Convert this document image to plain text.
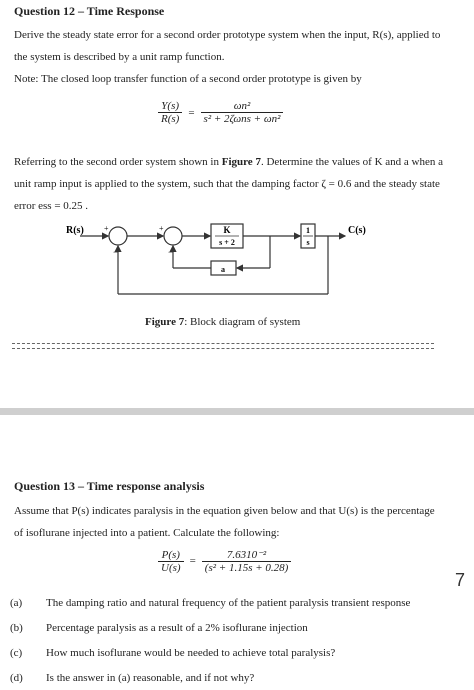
Question 12 – Time Response
Derive the steady state error for a second order prototype system when the input, R(s), applied to the system is described by a unit ramp function.
Note: The closed loop transfer function of a second order prototype is given by
$\frac{Y(s)}{R(s)} = \frac{\text{ωn²}}{\text{s² + 2ζωns + ωn²}}$
Referring to the second order system shown in Figure 7. Determine the values of K and a when a unit ramp input is applied to the system, such that the damping factor ζ = 0.6 and the steady state error ess = 0.25 .
R(s)	+
−
+
−
K
s + 2
1
s
C(s)
a
Figure 7: Block diagram of system
Question 13 – Time response analysis
Assume that P(s) indicates paralysis in the equation given below and that U(s) is the percentage of isoflurane injected into a patient. Calculate the following:
$\frac{P(s)}{U(s)} = \frac{\text{7.6310⁻²}}{\text{(s² + 1.15s + 0.28)}}$
7
(a)	The damping ratio and natural frequency of the patient paralysis transient response
(b)	Percentage paralysis as a result of a 2% isoflurane injection
(c)	How much isoflurane would be needed to achieve total paralysis?
(d)	Is the answer in (a) reasonable, and if not why?
